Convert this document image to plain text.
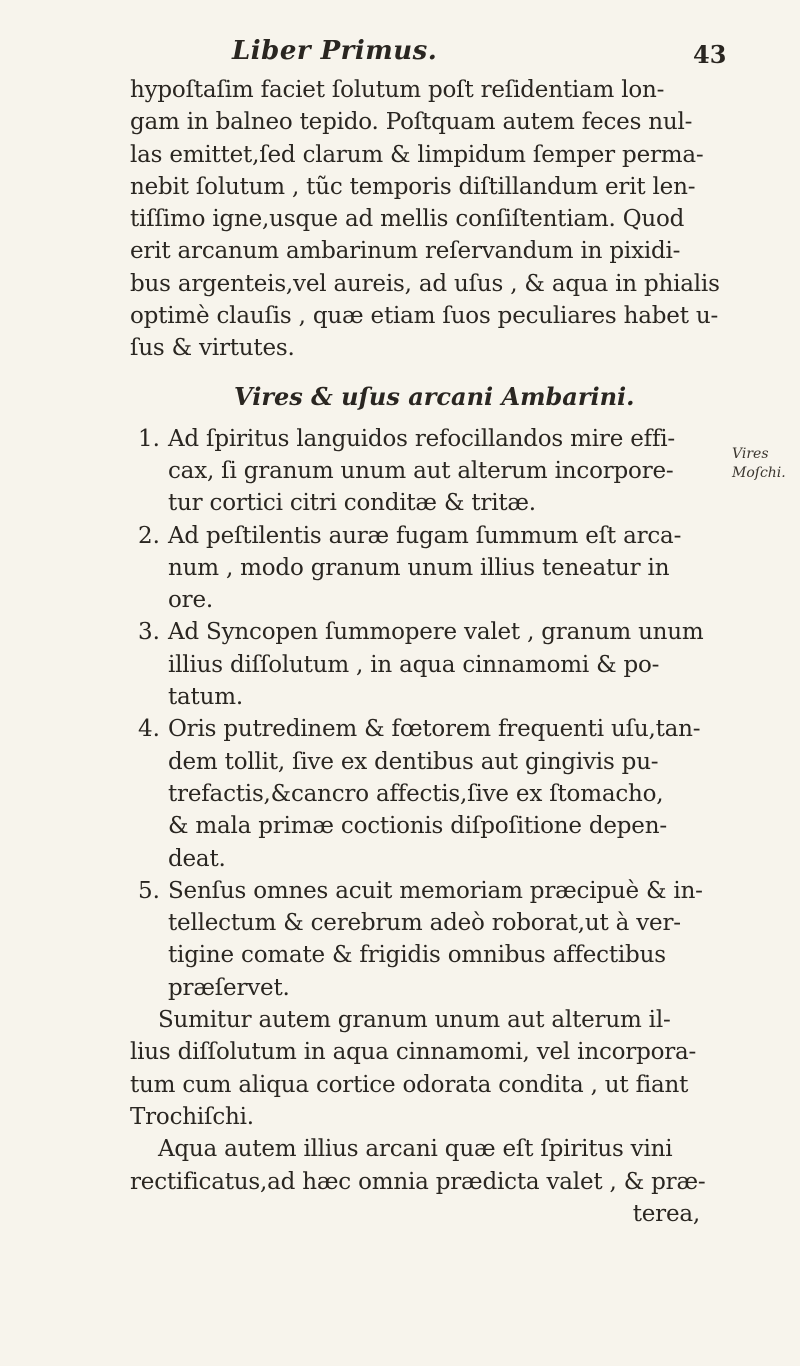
Liber Primus.	43
hypoſtaſim faciet ſolutum poſt reſidentiam lon-
gam in balneo tepido. Poſtquam autem feces nul-
las emittet,ſed clarum & limpidum ſemper perma-
nebit ſolutum , tũc temporis diſtillandum erit len-
tiſſimo igne,usque ad mellis conſiſtentiam. Quod
erit arcanum ambarinum reſervandum in pixidi-
bus argenteis,vel aureis, ad uſus , & aqua in phialis
optimè clauſis , quæ etiam ſuos peculiares habet u-
ſus & virtutes.
Vires & uſus arcani Ambarini.
1. Ad ſpiritus languidos refocillandos mire effi-
cax, ſi granum unum aut alterum incorpore-
tur cortici citri conditæ & tritæ.
2. Ad peſtilentis auræ fugam ſummum eſt arca-
num , modo granum unum illius teneatur in
ore.
3. Ad Syncopen ſummopere valet , granum unum
illius diſſolutum , in aqua cinnamomi & po-
tatum.
4. Oris putredinem & fœtorem frequenti uſu,tan-
dem tollit, ſive ex dentibus aut gingivis pu-
trefactis,&cancro affectis,ſive ex ſtomacho,
& mala primæ coctionis diſpoſitione depen-
deat.
5. Senſus omnes acuit memoriam præcipuè & in-
tellectum & cerebrum adeò roborat,ut à ver-
tigine comate & frigidis omnibus affectibus
præſervet.
Sumitur autem granum unum aut alterum il-
lius diſſolutum in aqua cinnamomi, vel incorpora-
tum cum aliqua cortice odorata condita , ut fiant
Trochiſchi.
Aqua autem illius arcani quæ eſt ſpiritus vini
rectificatus,ad hæc omnia prædicta valet , & præ-
terea,
Vires
Moſchi.
